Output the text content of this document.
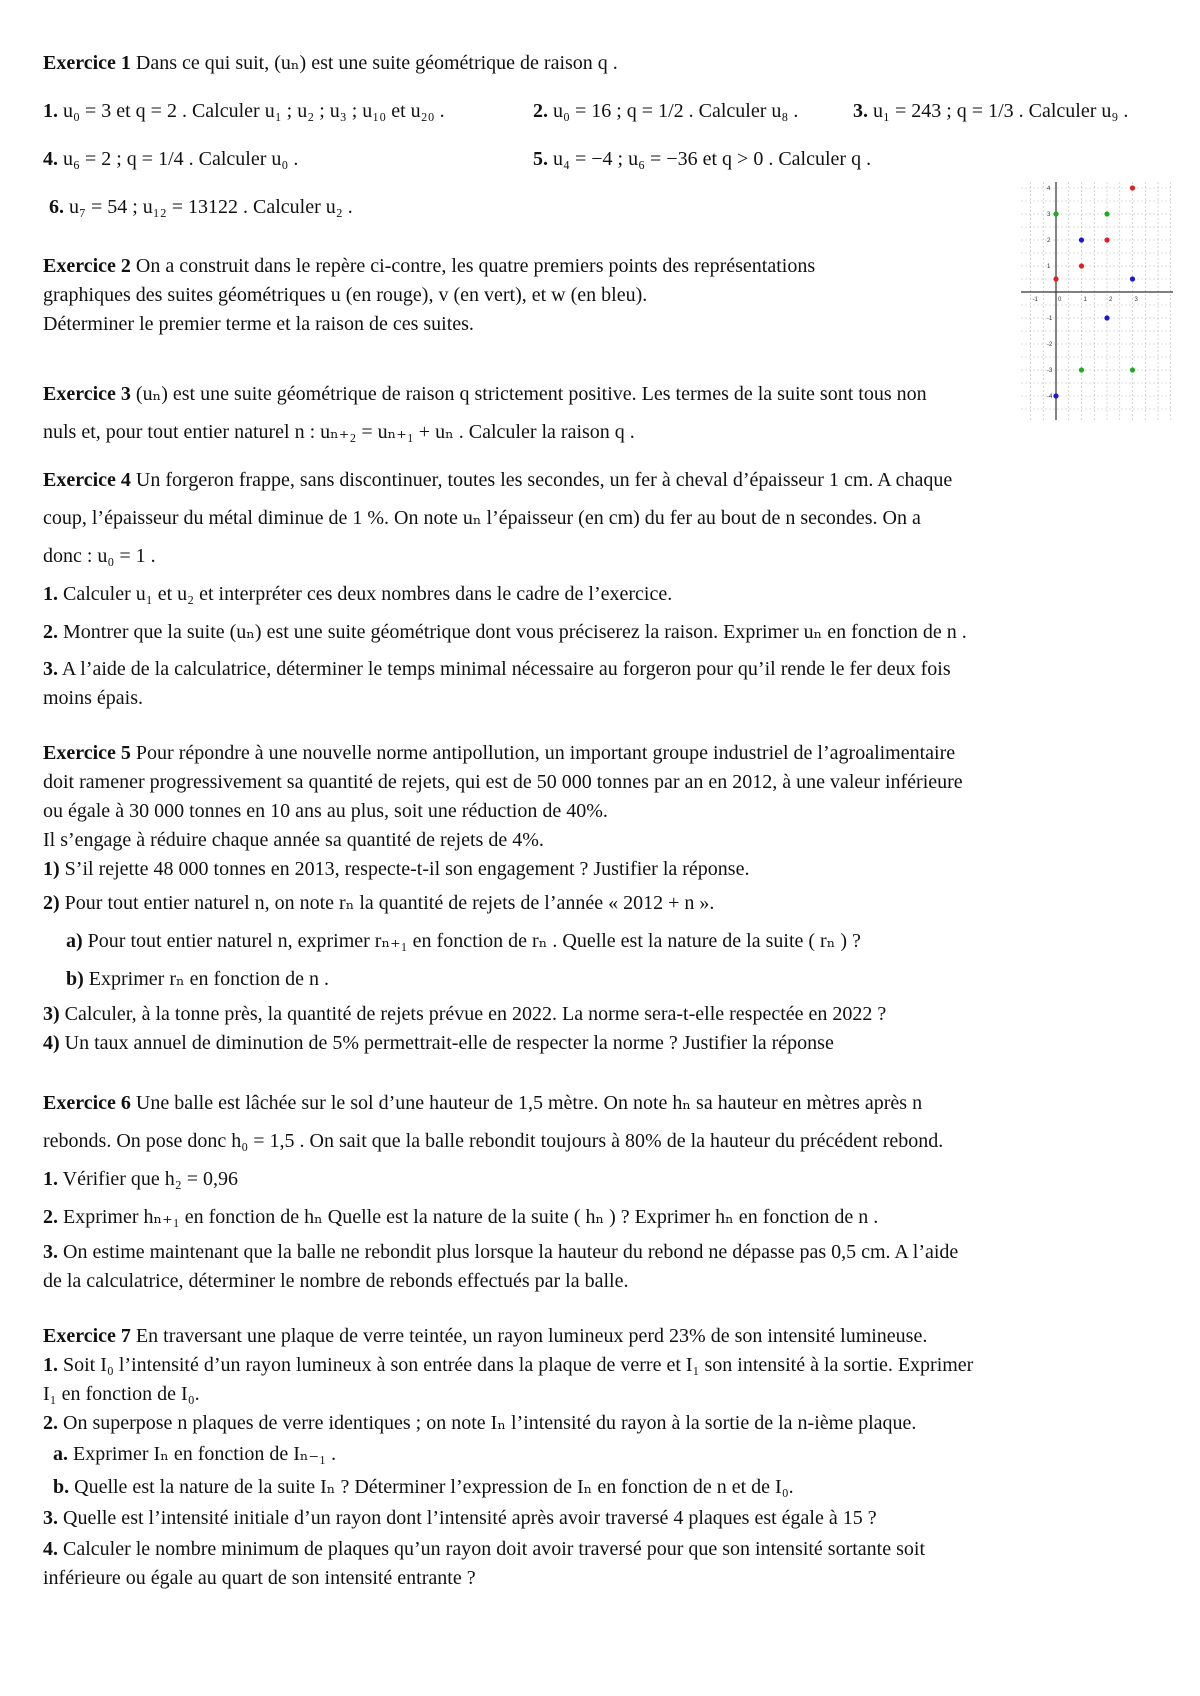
Exercice 1 Dans ce qui suit, (uₙ) est une suite géométrique de raison q .

1. u₀ = 3 et q = 2 . Calculer u₁ ; u₂ ; u₃ ; u₁₀ et u₂₀ .	2. u₀ = 16 ; q = 1/2 . Calculer u₈ .	3. u₁ = 243 ; q = 1/3 . Calculer u₉ .
4. u₆ = 2 ; q = 1/4 . Calculer u₀ .	5. u₄ = −4 ; u₆ = −36 et q > 0 . Calculer q .

6. u₇ = 54 ; u₁₂ = 13122 . Calculer u₂ .

Exercice 2 On a construit dans le repère ci-contre, les quatre premiers points des représentations

graphiques des suites géométriques u (en rouge), v (en vert), et w (en bleu).

Déterminer le premier terme et la raison de ces suites.

Exercice 3 (uₙ) est une suite géométrique de raison q strictement positive. Les termes de la suite sont tous non

nuls et, pour tout entier naturel n : uₙ₊₂ = uₙ₊₁ + uₙ . Calculer la raison q .

Exercice 4 Un forgeron frappe, sans discontinuer, toutes les secondes, un fer à cheval d’épaisseur 1 cm. A chaque

coup, l’épaisseur du métal diminue de 1 %. On note uₙ l’épaisseur (en cm) du fer au bout de n secondes. On a

donc : u₀ = 1 .

1. Calculer u₁ et u₂ et interpréter ces deux nombres dans le cadre de l’exercice.

2. Montrer que la suite (uₙ) est une suite géométrique dont vous préciserez la raison. Exprimer uₙ en fonction de n .

3. A l’aide de la calculatrice, déterminer le temps minimal nécessaire au forgeron pour qu’il rende le fer deux fois

moins épais.

Exercice 5 Pour répondre à une nouvelle norme antipollution, un important groupe industriel de l’agroalimentaire

doit ramener progressivement sa quantité de rejets, qui est de 50 000 tonnes par an en 2012, à une valeur inférieure

ou égale à 30 000 tonnes en 10 ans au plus, soit une réduction de 40%.

Il s’engage à réduire chaque année sa quantité de rejets de 4%.

1) S’il rejette 48 000 tonnes en 2013, respecte-t-il son engagement ? Justifier la réponse.

2) Pour tout entier naturel n, on note rₙ la quantité de rejets de l’année « 2012 + n ».

a) Pour tout entier naturel n, exprimer rₙ₊₁ en fonction de rₙ . Quelle est la nature de la suite ( rₙ ) ?

b) Exprimer rₙ en fonction de n .

3) Calculer, à la tonne près, la quantité de rejets prévue en 2022. La norme sera-t-elle respectée en 2022 ?

4) Un taux annuel de diminution de 5% permettrait-elle de respecter la norme ? Justifier la réponse

Exercice 6 Une balle est lâchée sur le sol d’une hauteur de 1,5 mètre. On note hₙ sa hauteur en mètres après n

rebonds. On pose donc h₀ = 1,5 . On sait que la balle rebondit toujours à 80% de la hauteur du précédent rebond.

1. Vérifier que h₂ = 0,96

2. Exprimer hₙ₊₁ en fonction de hₙ Quelle est la nature de la suite ( hₙ ) ? Exprimer hₙ en fonction de n .

3. On estime maintenant que la balle ne rebondit plus lorsque la hauteur du rebond ne dépasse pas 0,5 cm. A l’aide

de la calculatrice, déterminer le nombre de rebonds effectués par la balle.

Exercice 7 En traversant une plaque de verre teintée, un rayon lumineux perd 23% de son intensité lumineuse.

1. Soit I₀ l’intensité d’un rayon lumineux à son entrée dans la plaque de verre et I₁ son intensité à la sortie. Exprimer

I₁ en fonction de I₀.

2. On superpose n plaques de verre identiques ; on note Iₙ l’intensité du rayon à la sortie de la n-ième plaque.

a. Exprimer Iₙ en fonction de Iₙ₋₁ .

b. Quelle est la nature de la suite Iₙ ? Déterminer l’expression de Iₙ en fonction de n et de I₀.

3. Quelle est l’intensité initiale d’un rayon dont l’intensité après avoir traversé 4 plaques est égale à 15 ?

4. Calculer le nombre minimum de plaques qu’un rayon doit avoir traversé pour que son intensité sortante soit

inférieure ou égale au quart de son intensité entrante ?

-1	0	1	2	3
4
3
2
1
-1
-2
-3
-4
